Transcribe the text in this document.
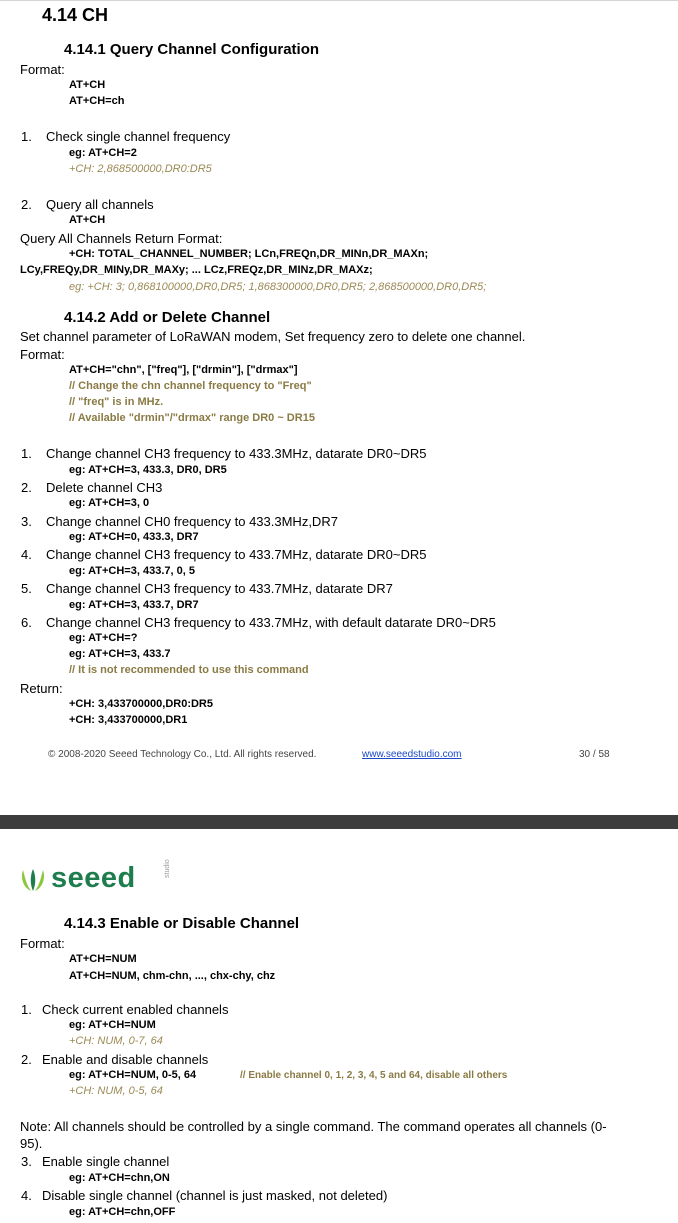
4.14 CH
4.14.1 Query Channel Configuration
Format:
AT+CH
AT+CH=ch
1. Check single channel frequency
eg: AT+CH=2
+CH: 2,868500000,DR0:DR5
2. Query all channels
AT+CH
Query All Channels Return Format:
+CH: TOTAL_CHANNEL_NUMBER; LCn,FREQn,DR_MINn,DR_MAXn;
LCy,FREQy,DR_MINy,DR_MAXy; ... LCz,FREQz,DR_MINz,DR_MAXz;
eg: +CH: 3; 0,868100000,DR0,DR5; 1,868300000,DR0,DR5; 2,868500000,DR0,DR5;
4.14.2 Add or Delete Channel
Set channel parameter of LoRaWAN modem, Set frequency zero to delete one channel.
Format:
AT+CH="chn", ["freq"], ["drmin"], ["drmax"]
// Change the chn channel frequency to "Freq"
// "freq" is in MHz.
// Available "drmin"/"drmax" range DR0 ~ DR15
1. Change channel CH3 frequency to 433.3MHz, datarate DR0~DR5
eg: AT+CH=3, 433.3, DR0, DR5
2. Delete channel CH3
eg: AT+CH=3, 0
3. Change channel CH0 frequency to 433.3MHz,DR7
eg: AT+CH=0, 433.3, DR7
4. Change channel CH3 frequency to 433.7MHz, datarate DR0~DR5
eg: AT+CH=3, 433.7, 0, 5
5. Change channel CH3 frequency to 433.7MHz, datarate DR7
eg: AT+CH=3, 433.7, DR7
6. Change channel CH3 frequency to 433.7MHz, with default datarate DR0~DR5
eg: AT+CH=?
eg: AT+CH=3, 433.7
// It is not recommended to use this command
Return:
+CH: 3,433700000,DR0:DR5
+CH: 3,433700000,DR1
© 2008-2020 Seeed Technology Co., Ltd. All rights reserved.	www.seeedstudio.com	30 / 58
seeed	studio
4.14.3 Enable or Disable Channel
Format:
AT+CH=NUM
AT+CH=NUM, chm-chn, ..., chx-chy, chz
1. Check current enabled channels
eg: AT+CH=NUM
+CH: NUM, 0-7, 64
2. Enable and disable channels
eg: AT+CH=NUM, 0-5, 64	// Enable channel 0, 1, 2, 3, 4, 5 and 64, disable all others
+CH: NUM, 0-5, 64
Note: All channels should be controlled by a single command. The command operates all channels (0-
95).
3. Enable single channel
eg: AT+CH=chn,ON
4. Disable single channel (channel is just masked, not deleted)
eg: AT+CH=chn,OFF
